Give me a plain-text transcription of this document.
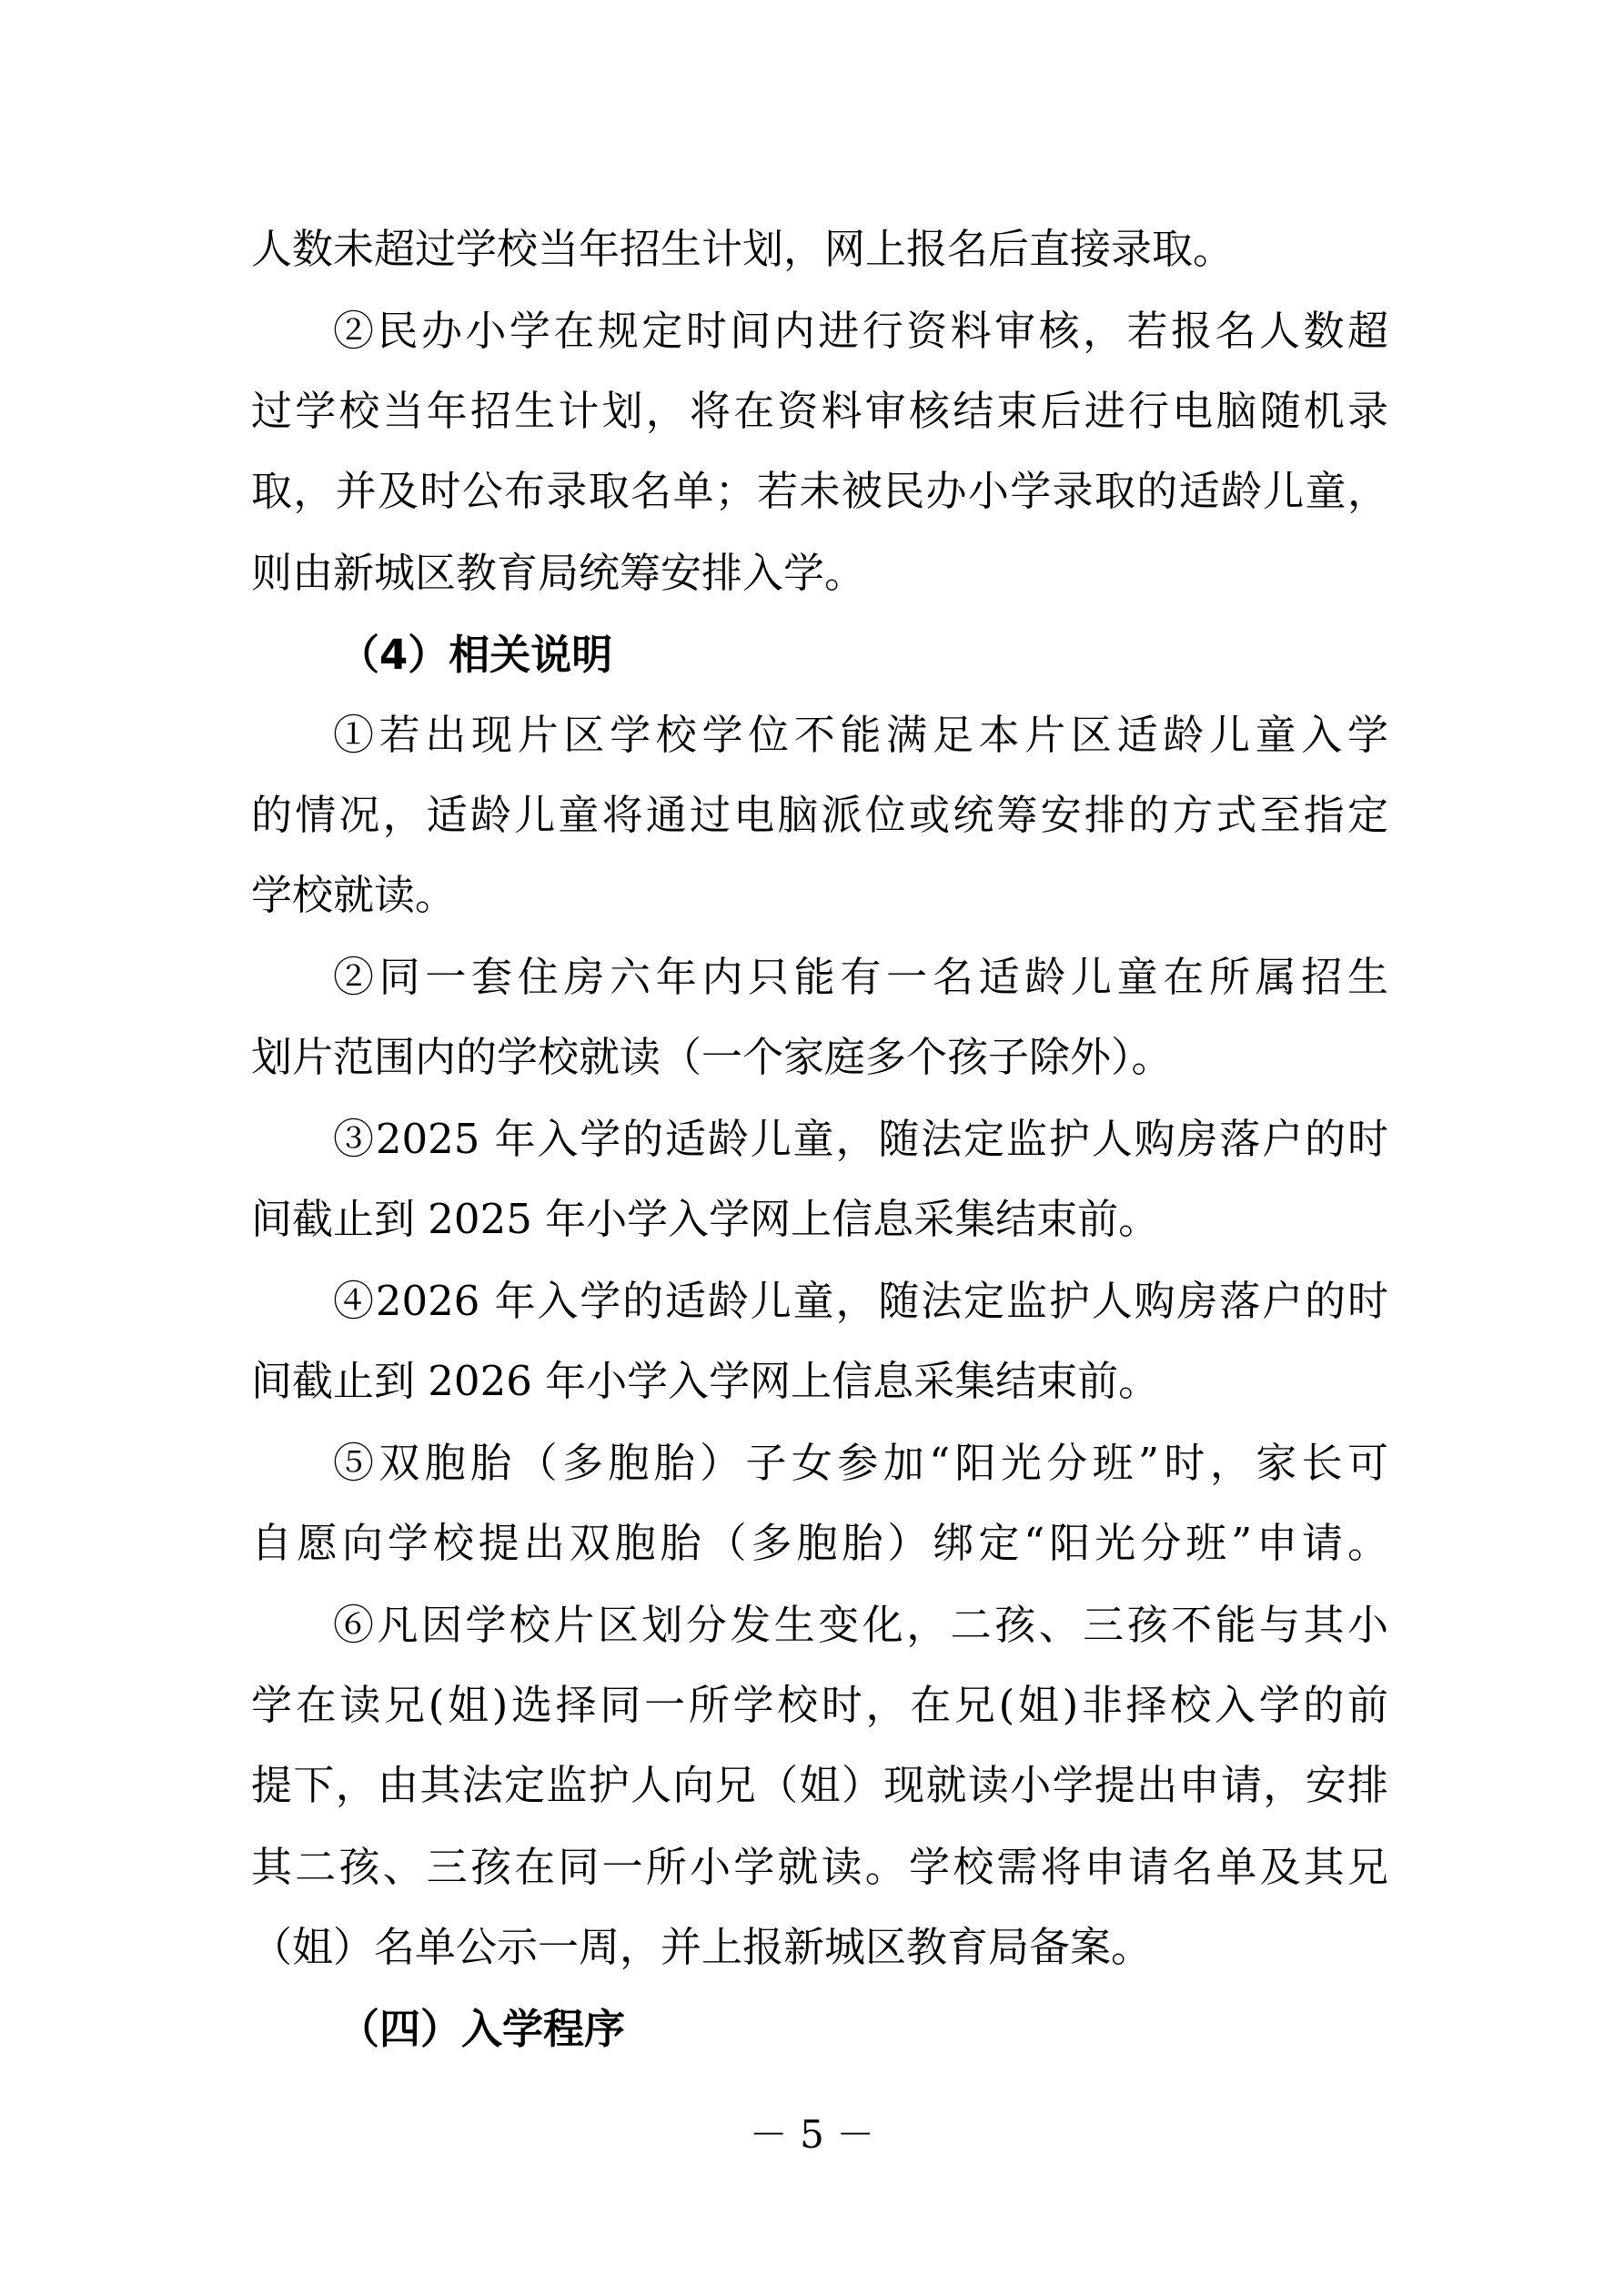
人数未超过学校当年招生计划，网上报名后直接录取。
②民办小学在规定时间内进行资料审核，若报名人数超
过学校当年招生计划，将在资料审核结束后进行电脑随机录
取，并及时公布录取名单；若未被民办小学录取的适龄儿童，
则由新城区教育局统筹安排入学。
（4）相关说明
①若出现片区学校学位不能满足本片区适龄儿童入学
的情况，适龄儿童将通过电脑派位或统筹安排的方式至指定
学校就读。
②同一套住房六年内只能有一名适龄儿童在所属招生
划片范围内的学校就读（一个家庭多个孩子除外）。
③2025 年入学的适龄儿童，随法定监护人购房落户的时
间截止到 2025 年小学入学网上信息采集结束前。
④2026 年入学的适龄儿童，随法定监护人购房落户的时
间截止到 2026 年小学入学网上信息采集结束前。
⑤双胞胎（多胞胎）子女参加“阳光分班”时，家长可
自愿向学校提出双胞胎（多胞胎）绑定“阳光分班”申请。
⑥凡因学校片区划分发生变化，二孩、三孩不能与其小
学在读兄(姐)选择同一所学校时，在兄(姐)非择校入学的前
提下，由其法定监护人向兄（姐）现就读小学提出申请，安排
其二孩、三孩在同一所小学就读。学校需将申请名单及其兄
（姐）名单公示一周，并上报新城区教育局备案。
（四）入学程序
－ 5 －
